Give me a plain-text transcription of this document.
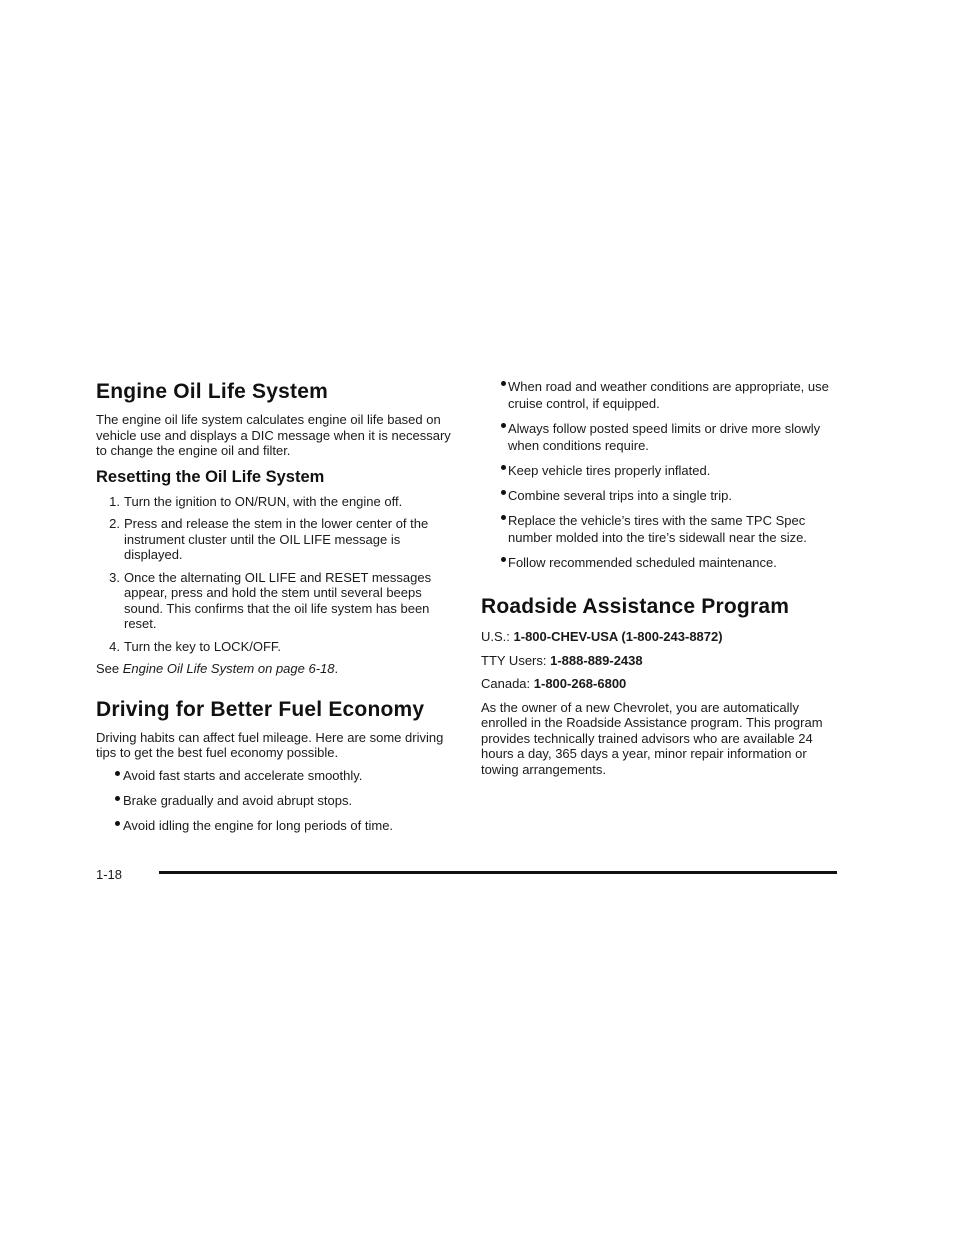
Engine Oil Life System

The engine oil life system calculates engine oil life based on vehicle use and displays a DIC message when it is necessary to change the engine oil and filter.

Resetting the Oil Life System
1. Turn the ignition to ON/RUN, with the engine off.
2. Press and release the stem in the lower center of the instrument cluster until the OIL LIFE message is displayed.
3. Once the alternating OIL LIFE and RESET messages appear, press and hold the stem until several beeps sound. This confirms that the oil life system has been reset.
4. Turn the key to LOCK/OFF.

See Engine Oil Life System on page 6-18.

Driving for Better Fuel Economy

Driving habits can affect fuel mileage. Here are some driving tips to get the best fuel economy possible.

Avoid fast starts and accelerate smoothly.
Brake gradually and avoid abrupt stops.
Avoid idling the engine for long periods of time.
When road and weather conditions are appropriate, use cruise control, if equipped.
Always follow posted speed limits or drive more slowly when conditions require.
Keep vehicle tires properly inflated.
Combine several trips into a single trip.
Replace the vehicle’s tires with the same TPC Spec number molded into the tire’s sidewall near the size.
Follow recommended scheduled maintenance.
Roadside Assistance Program

U.S.: 1-800-CHEV-USA (1-800-243-8872)

TTY Users: 1-888-889-2438

Canada: 1-800-268-6800

As the owner of a new Chevrolet, you are automatically enrolled in the Roadside Assistance program. This program provides technically trained advisors who are available 24 hours a day, 365 days a year, minor repair information or towing arrangements.

1-18
